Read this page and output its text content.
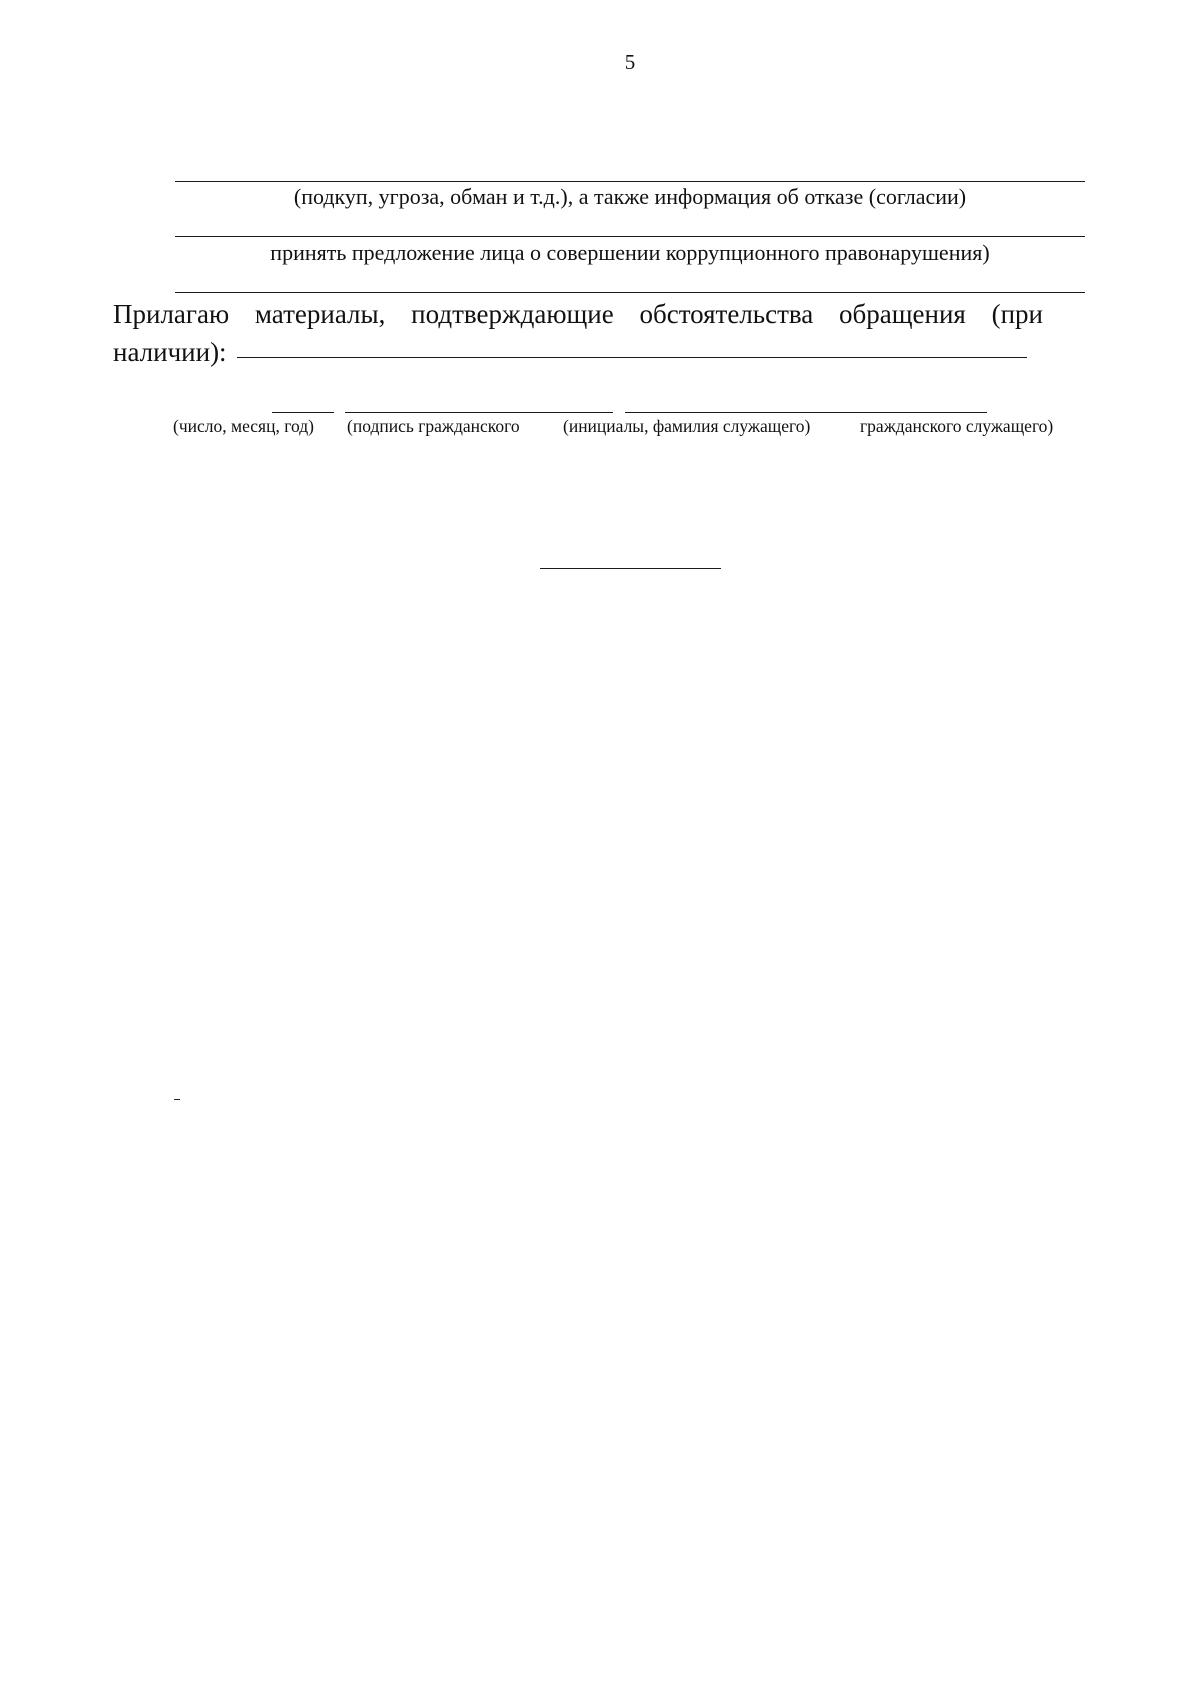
5
(подкуп, угроза, обман и т.д.), а также информация об отказе (согласии)
принять предложение лица о совершении коррупционного правонарушения)
Прилагаю материалы, подтверждающие обстоятельства обращения (при
наличии):
(число, месяц, год) (подпись гражданского (инициалы, фамилия служащего)	гражданского служащего)
